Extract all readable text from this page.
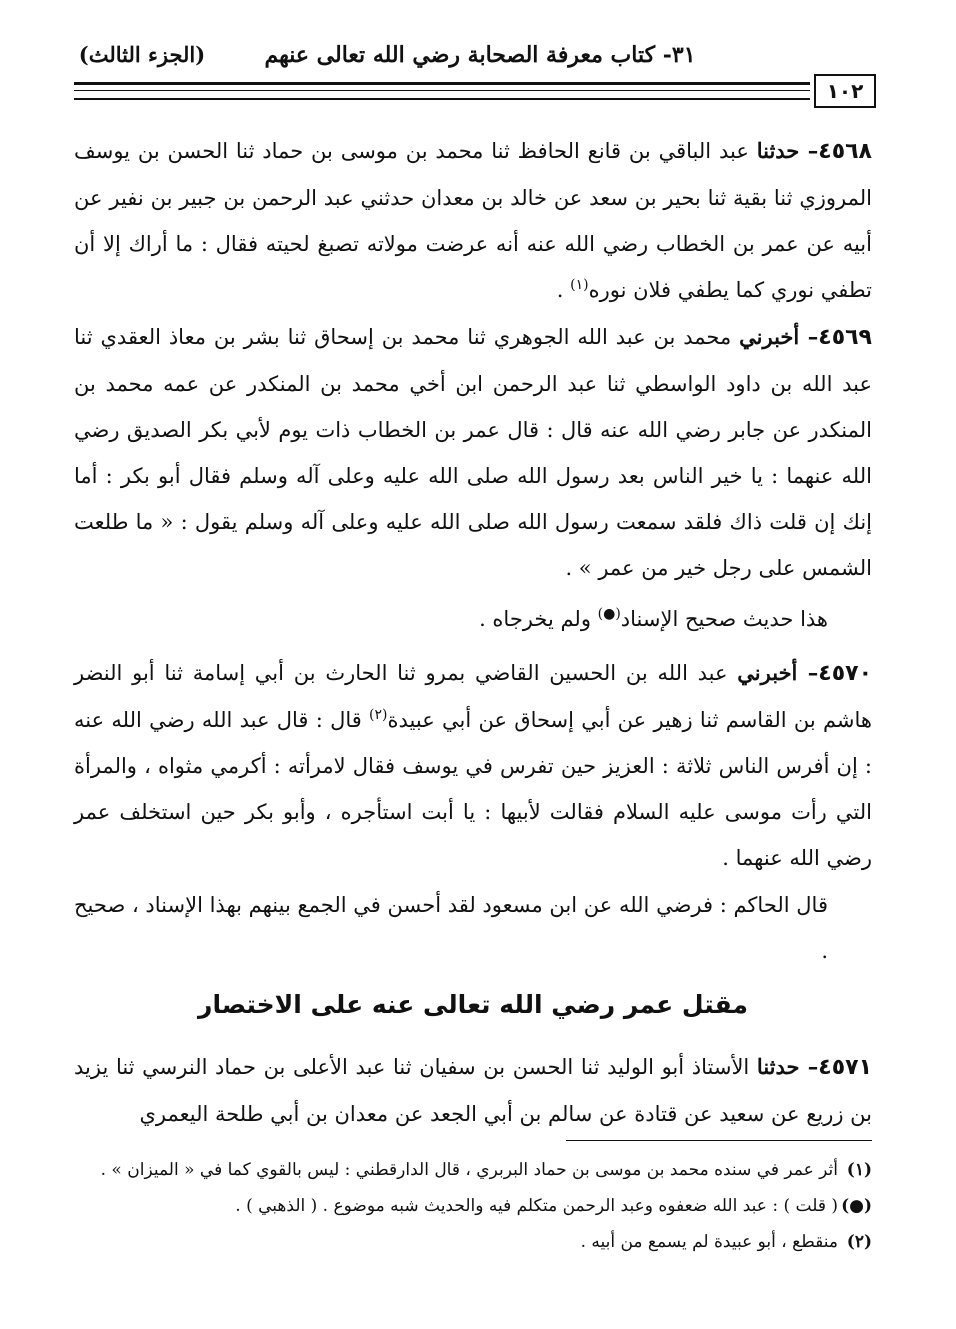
٣١- كتاب معرفة الصحابة رضي الله تعالى عنهم
(الجزء الثالث)
١٠٢
٤٥٦٨– حدثنا عبد الباقي بن قانع الحافظ ثنا محمد بن موسى بن حماد ثنا الحسن بن يوسف المروزي ثنا بقية ثنا بحير بن سعد عن خالد بن معدان حدثني عبد الرحمن بن جبير بن نفير عن أبيه عن عمر بن الخطاب رضي الله عنه أنه عرضت مولاته تصبغ لحيته فقال : ما أراك إلا أن تطفي نوري كما يطفي فلان نوره$^{(١)}$ .
٤٥٦٩– أخبرني محمد بن عبد الله الجوهري ثنا محمد بن إسحاق ثنا بشر بن معاذ العقدي ثنا عبد الله بن داود الواسطي ثنا عبد الرحمن ابن أخي محمد بن المنكدر عن عمه محمد بن المنكدر عن جابر رضي الله عنه قال : قال عمر بن الخطاب ذات يوم لأبي بكر الصديق رضي الله عنهما : يا خير الناس بعد رسول الله صلى الله عليه وعلى آله وسلم فقال أبو بكر : أما إنك إن قلت ذاك فلقد سمعت رسول الله صلى الله عليه وعلى آله وسلم يقول : « ما طلعت الشمس على رجل خير من عمر » .
هذا حديث صحيح الإسناد(●) ولم يخرجاه .
٤٥٧٠– أخبرني عبد الله بن الحسين القاضي بمرو ثنا الحارث بن أبي إسامة ثنا أبو النضر هاشم بن القاسم ثنا زهير عن أبي إسحاق عن أبي عبيدة$^{(٢)}$ قال : قال عبد الله رضي الله عنه : إن أفرس الناس ثلاثة : العزيز حين تفرس في يوسف فقال لامرأته : أكرمي مثواه ، والمرأة التي رأت موسى عليه السلام فقالت لأبيها : يا أبت استأجره ، وأبو بكر حين استخلف عمر رضي الله عنهما .
قال الحاكم : فرضي الله عن ابن مسعود لقد أحسن في الجمع بينهم بهذا الإسناد ، صحيح .
مقتل عمر رضي الله تعالى عنه على الاختصار
٤٥٧١– حدثنا الأستاذ أبو الوليد ثنا الحسن بن سفيان ثنا عبد الأعلى بن حماد النرسي ثنا يزيد بن زريع عن سعيد عن قتادة عن سالم بن أبي الجعد عن معدان بن أبي طلحة اليعمري
(١)أثر عمر في سنده محمد بن موسى بن حماد البربري ، قال الدارقطني : ليس بالقوي كما في « الميزان » .
(●)( قلت ) : عبد الله ضعفوه وعبد الرحمن متكلم فيه والحديث شبه موضوع . ( الذهبي ) .
(٢)منقطع ، أبو عبيدة لم يسمع من أبيه .
